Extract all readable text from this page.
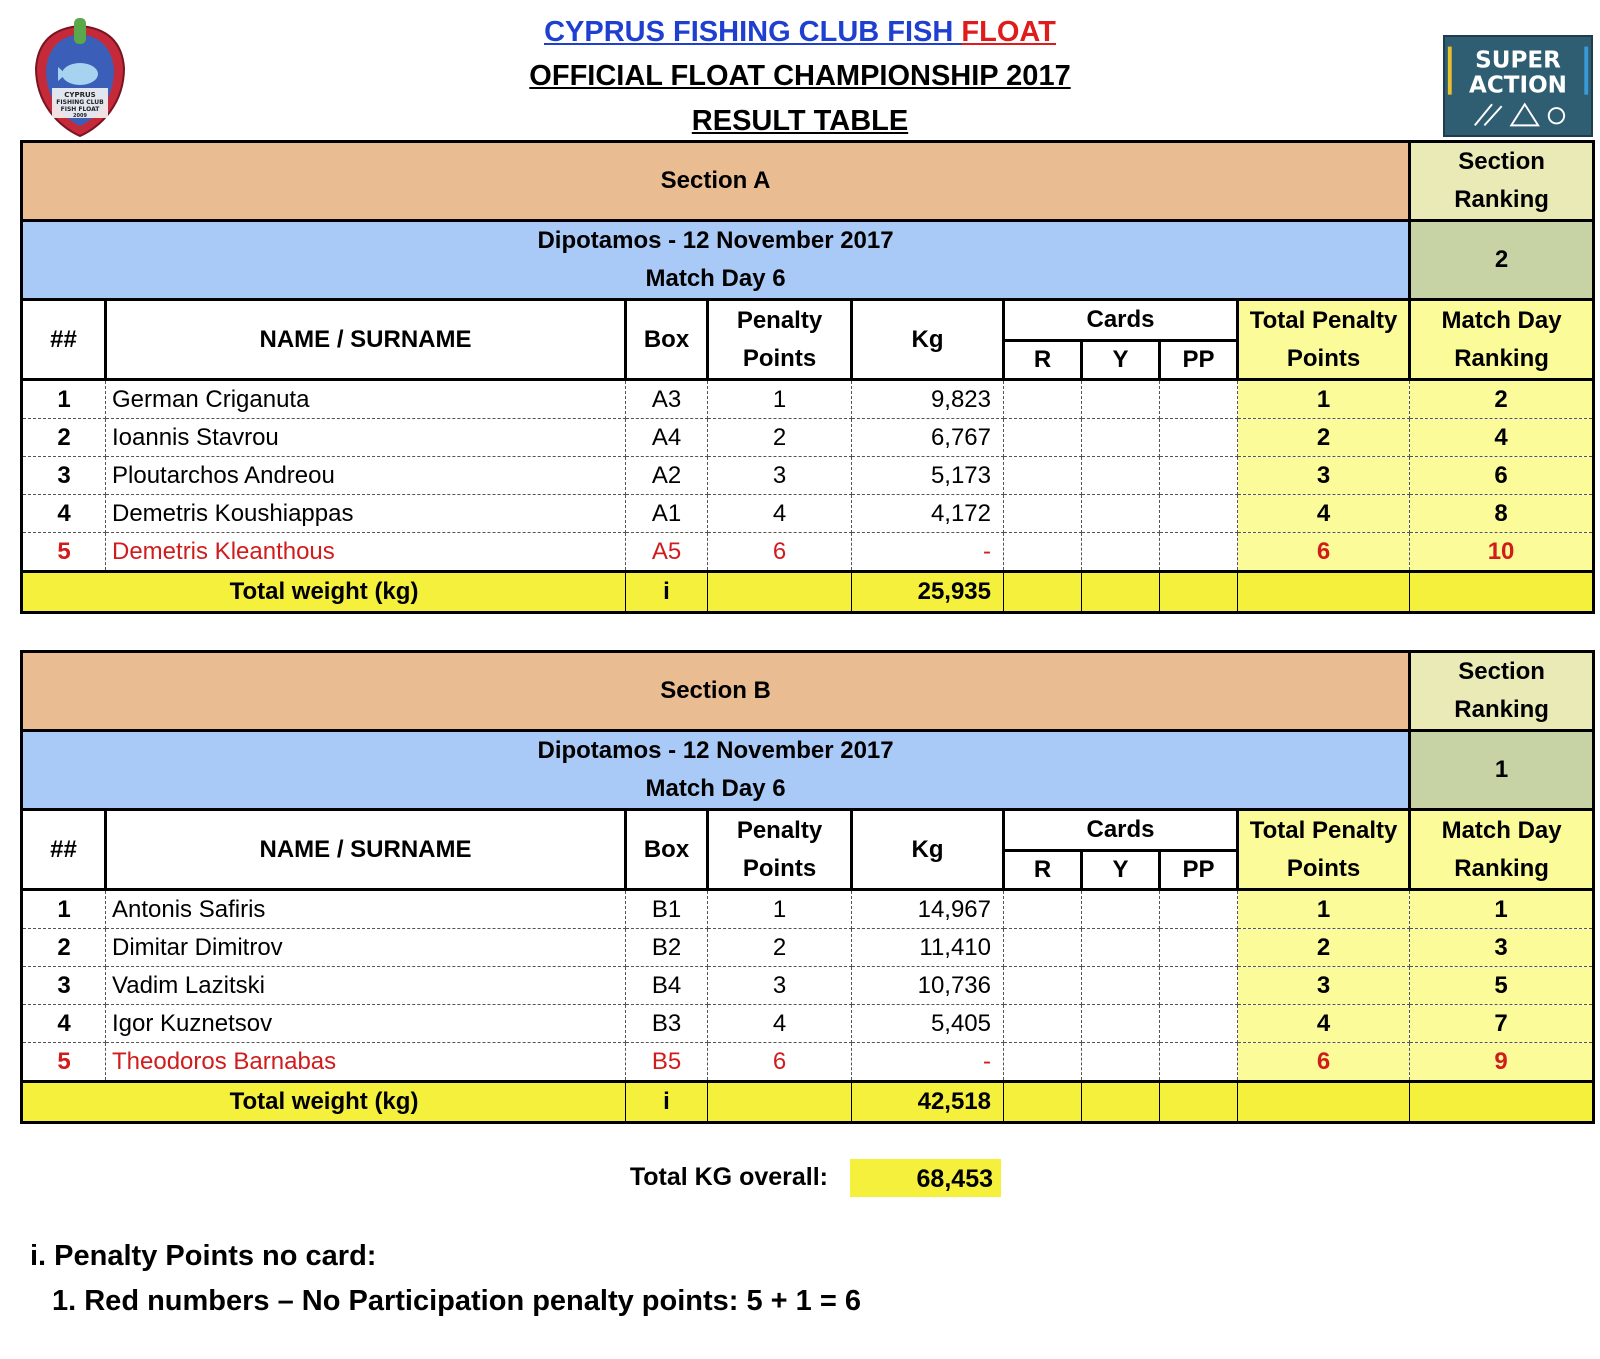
CYPRUS FISHING CLUB FISH FLOAT
OFFICIAL FLOAT CHAMPIONSHIP 2017
RESULT TABLE
CYPRUS
FISHING CLUB
FISH FLOAT
2009
SUPER
ACTION
Section A									Section
Ranking
Dipotamos - 12 November 2017
Match Day 6									2
##	NAME / SURNAME	Box	Penalty
Points	Kg	Cards			Total Penalty
Points	Match Day
Ranking
					R	Y	PP		
1	German Criganuta	A3	1	9,823				1	2
2	Ioannis Stavrou	A4	2	6,767				2	4
3	Ploutarchos Andreou	A2	3	5,173				3	6
4	Demetris Koushiappas	A1	4	4,172				4	8
5	Demetris Kleanthous	A5	6	-				6	10
Total weight (kg)		i		25,935					
Section B									Section
Ranking
Dipotamos - 12 November 2017
Match Day 6									1
##	NAME / SURNAME	Box	Penalty
Points	Kg	Cards			Total Penalty
Points	Match Day
Ranking
					R	Y	PP		
1	Antonis Safiris	B1	1	14,967				1	1
2	Dimitar Dimitrov	B2	2	11,410				2	3
3	Vadim Lazitski	B4	3	10,736				3	5
4	Igor Kuznetsov	B3	4	5,405				4	7
5	Theodoros Barnabas	B5	6	-				6	9
Total weight (kg)		i		42,518					
Total KG overall:	68,453
i. Penalty Points no card:
1. Red numbers – No Participation penalty points: 5 + 1 = 6
